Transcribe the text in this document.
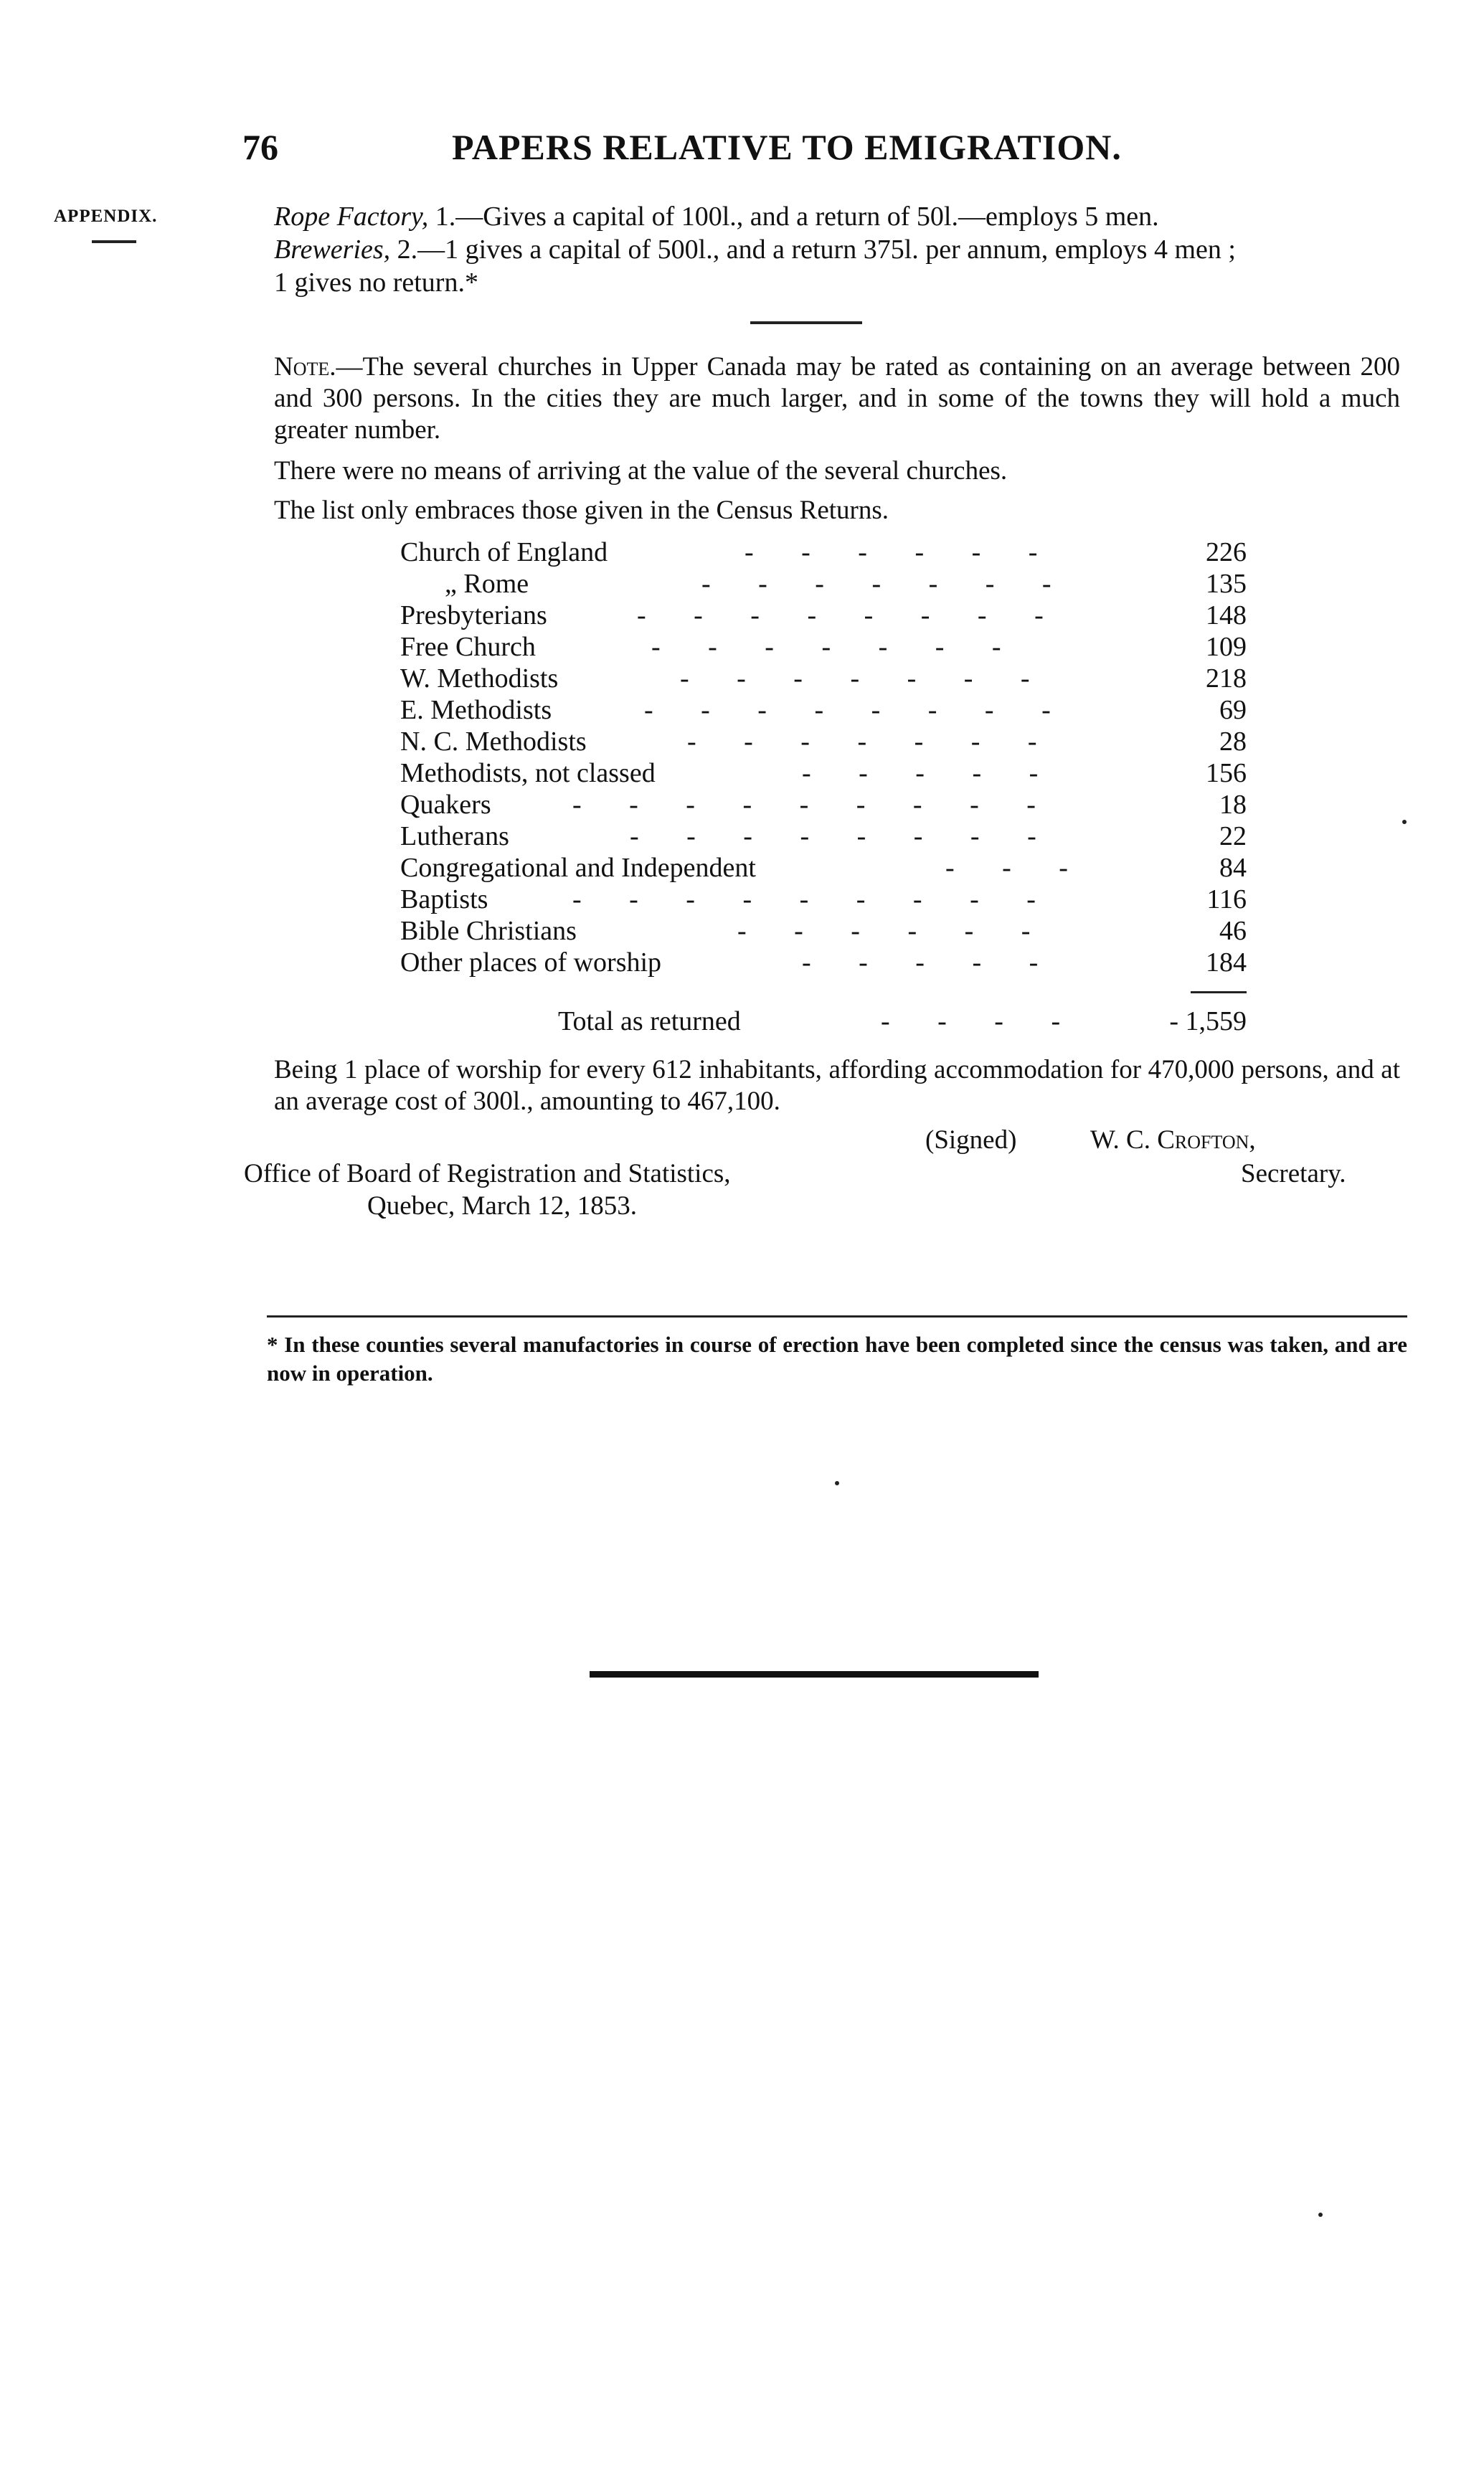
76	PAPERS RELATIVE TO EMIGRATION.
APPENDIX.	Rope Factory, 1.—Gives a capital of 100l., and a return of 50l.—employs 5 men.
Breweries, 2.—1 gives a capital of 500l., and a return 375l. per annum, employs 4 men ;
1 gives no return.*
Note.—The several churches in Upper Canada may be rated as containing on an average between 200 and 300 persons. In the cities they are much larger, and in some of the towns they will hold a much greater number.
There were no means of arriving at the value of the several churches.
The list only embraces those given in the Census Returns.
Church of England	-       -       -       -       -       -	226
„ Rome	-       -       -       -       -       -       -	135
Presbyterians	-       -       -       -       -       -       -       -	148
Free Church	-       -       -       -       -       -       -	109
W. Methodists	-       -       -       -       -       -       -	218
E. Methodists	-       -       -       -       -       -       -       -	69
N. C. Methodists	-       -       -       -       -       -       -	28
Methodists, not classed	-       -       -       -       -	156
Quakers	-       -       -       -       -       -       -       -       -	18
Lutherans	-       -       -       -       -       -       -       -	22
Congregational and Independent	-       -       -	84
Baptists	-       -       -       -       -       -       -       -       -	116
Bible Christians	-       -       -       -       -       -	46
Other places of worship	-       -       -       -       -	184
Total as returned	-       -       -       -	- 1,559
Being 1 place of worship for every 612 inhabitants, affording accommodation for 470,000 persons, and at an average cost of 300l., amounting to 467,100.
(Signed)	W. C. Crofton,
Office of Board of Registration and Statistics,	Secretary.
Quebec, March 12, 1853.
* In these counties several manufactories in course of erection have been completed since the census was taken, and are now in operation.
